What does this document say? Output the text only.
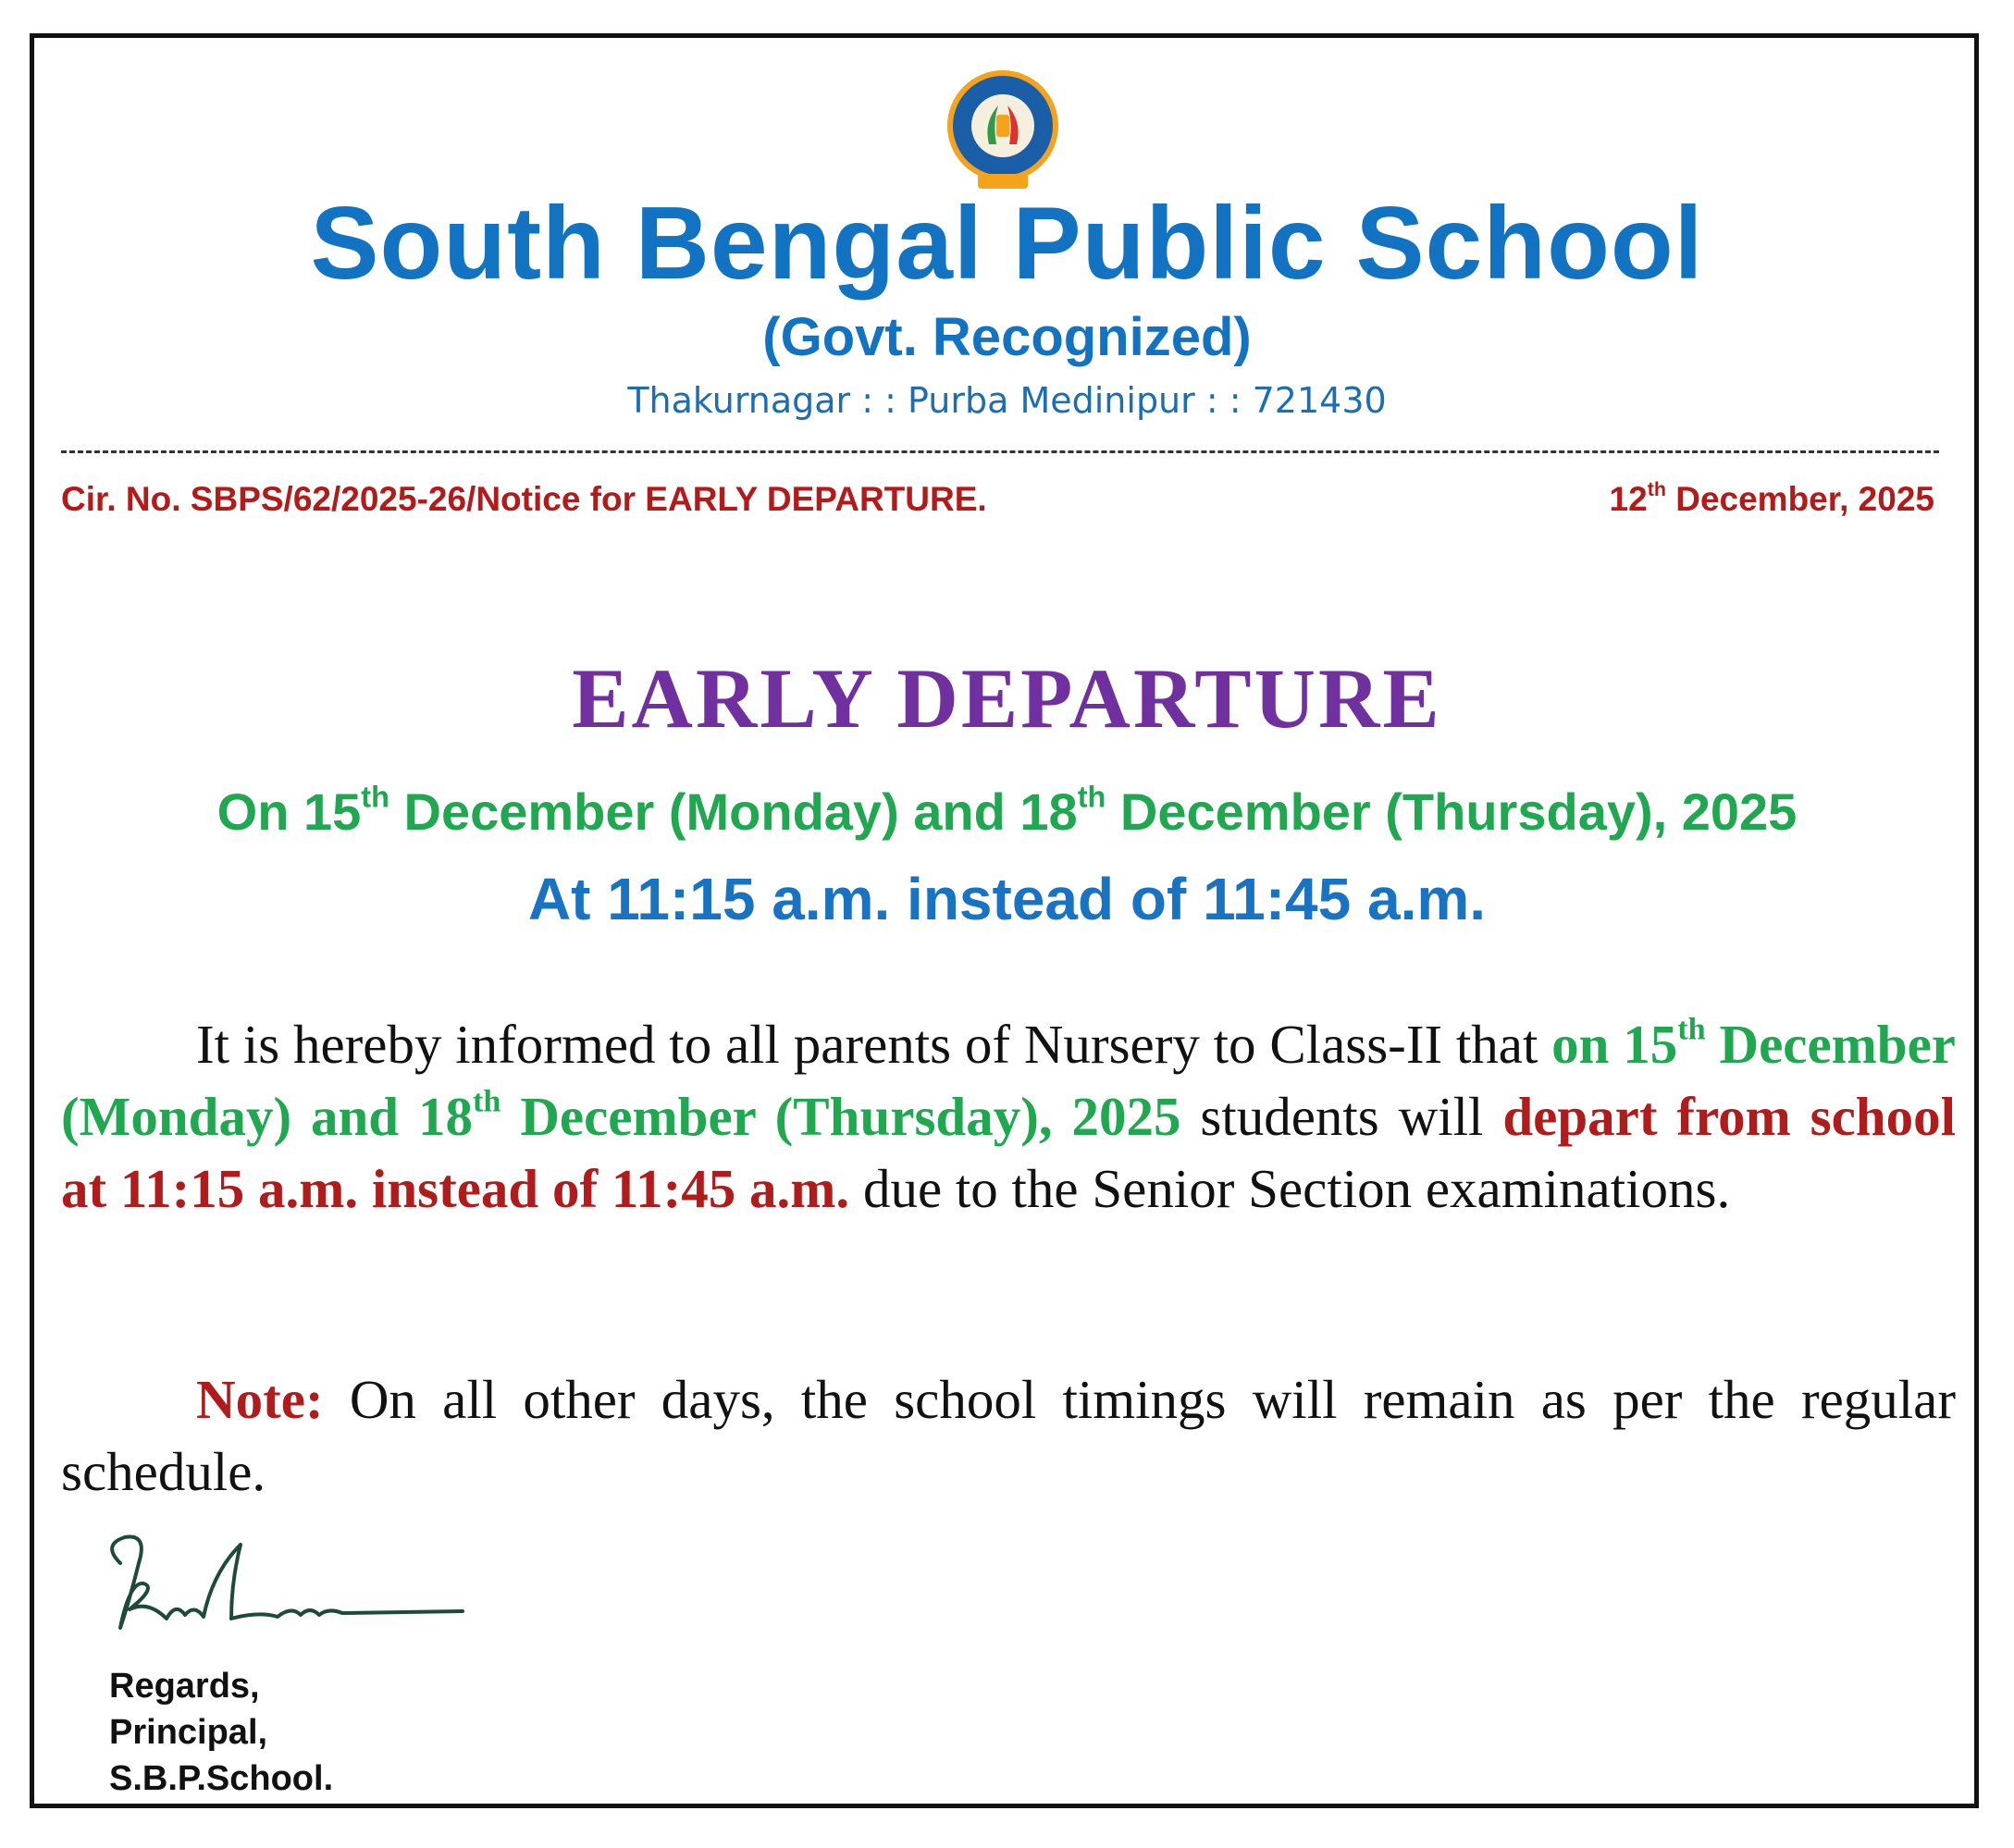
South Bengal Public School
(Govt. Recognized)
Thakurnagar : : Purba Medinipur : : 721430
Cir. No. SBPS/62/2025-26/Notice for EARLY DEPARTURE.	12th December, 2025
EARLY DEPARTURE
On 15th December (Monday) and 18th December (Thursday), 2025
At 11:15 a.m. instead of 11:45 a.m.
It is hereby informed to all parents of Nursery to Class-II that on 15th December (Monday) and 18th December (Thursday), 2025 students will depart from school at 11:15 a.m. instead of 11:45 a.m. due to the Senior Section examinations.
Note: On all other days, the school timings will remain as per the regular schedule.
Regards,
Principal,
S.B.P.School.
